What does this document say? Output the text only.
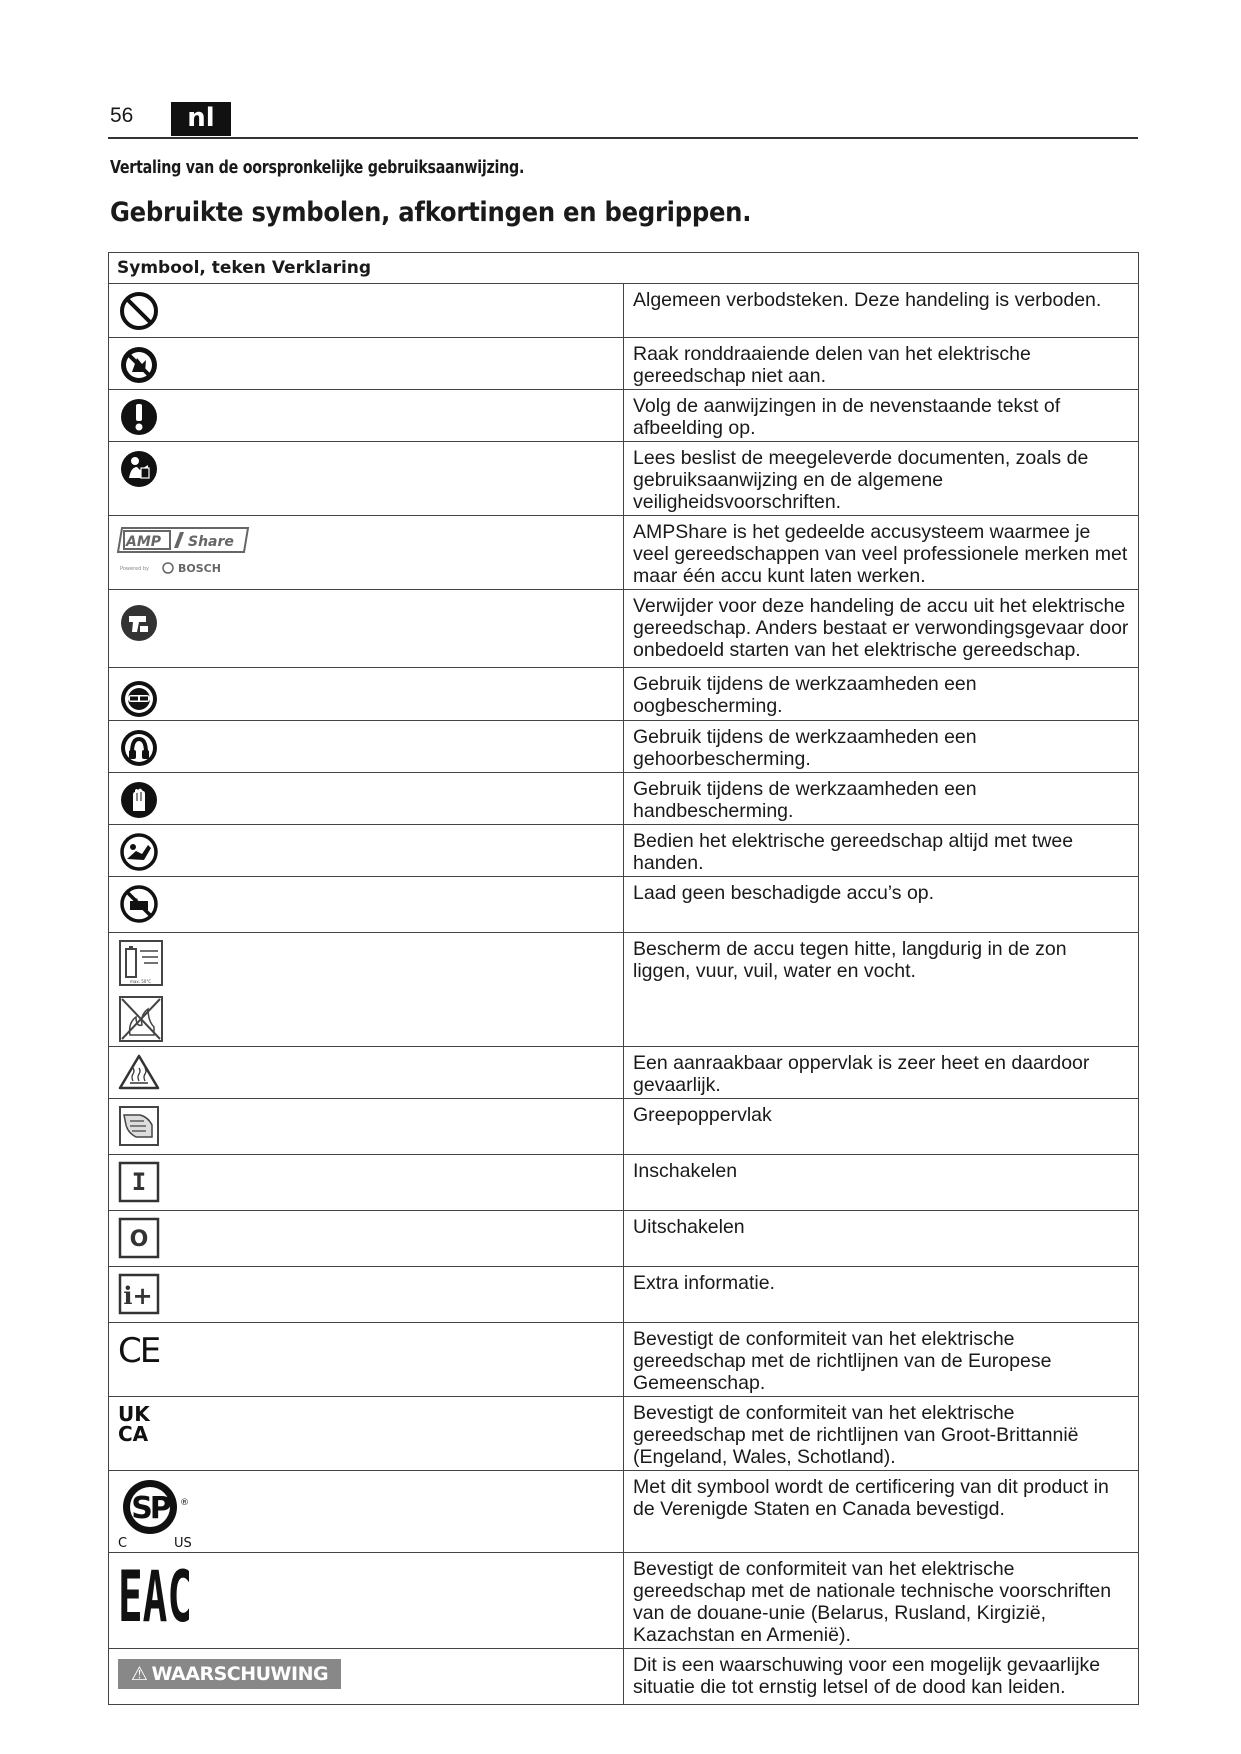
56	nl
Vertaling van de oorspronkelijke gebruiksaanwijzing.
Gebruikte symbolen, afkortingen en begrippen.
Symbool, teken Verklaring	

	Algemeen verbodsteken. Deze handeling is verboden.

	Raak ronddraaiende delen van het elektrische gereedschap niet aan.

	Volg de aanwijzingen in de nevenstaande tekst of afbeelding op.

	Lees beslist de meegeleverde documenten, zoals de gebruiksaanwijzing en de algemene veiligheidsvoorschriften.

AMP Share
Powered by BOSCH	AMPShare is het gedeelde accusysteem waarmee je veel gereedschappen van veel professionele merken met maar één accu kunt laten werken.

	Verwijder voor deze handeling de accu uit het elektrische gereedschap. Anders bestaat er verwondingsgevaar door onbedoeld starten van het elektrische gereedschap.

	Gebruik tijdens de werkzaamheden een oogbescherming.

	Gebruik tijdens de werkzaamheden een gehoorbescherming.

	Gebruik tijdens de werkzaamheden een handbescherming.

	Bedien het elektrische gereedschap altijd met twee handen.

	Laad geen beschadigde accu’s op.

max. 50°C	Bescherm de accu tegen hitte, langdurig in de zon liggen, vuur, vuil, water en vocht.

	Een aanraakbaar oppervlak is zeer heet en daardoor gevaarlijk.

	Greepoppervlak

I	Inschakelen

O	Uitschakelen

i+	Extra informatie.

CE	Bevestigt de conformiteit van het elektrische gereedschap met de richtlijnen van de Europese Gemeenschap.

UK
CA	Bevestigt de conformiteit van het elektrische gereedschap met de richtlijnen van Groot-Brittannië (Engeland, Wales, Schotland).

SP ®
C US	Met dit symbool wordt de certificering van dit product in de Verenigde Staten en Canada bevestigd.

EAC	Bevestigt de conformiteit van het elektrische gereedschap met de nationale technische voorschriften van de douane-unie (Belarus, Rusland, Kirgizië, Kazachstan en Armenië).

⚠ WAARSCHUWING	Dit is een waarschuwing voor een mogelijk gevaarlijke situatie die tot ernstig letsel of de dood kan leiden.
